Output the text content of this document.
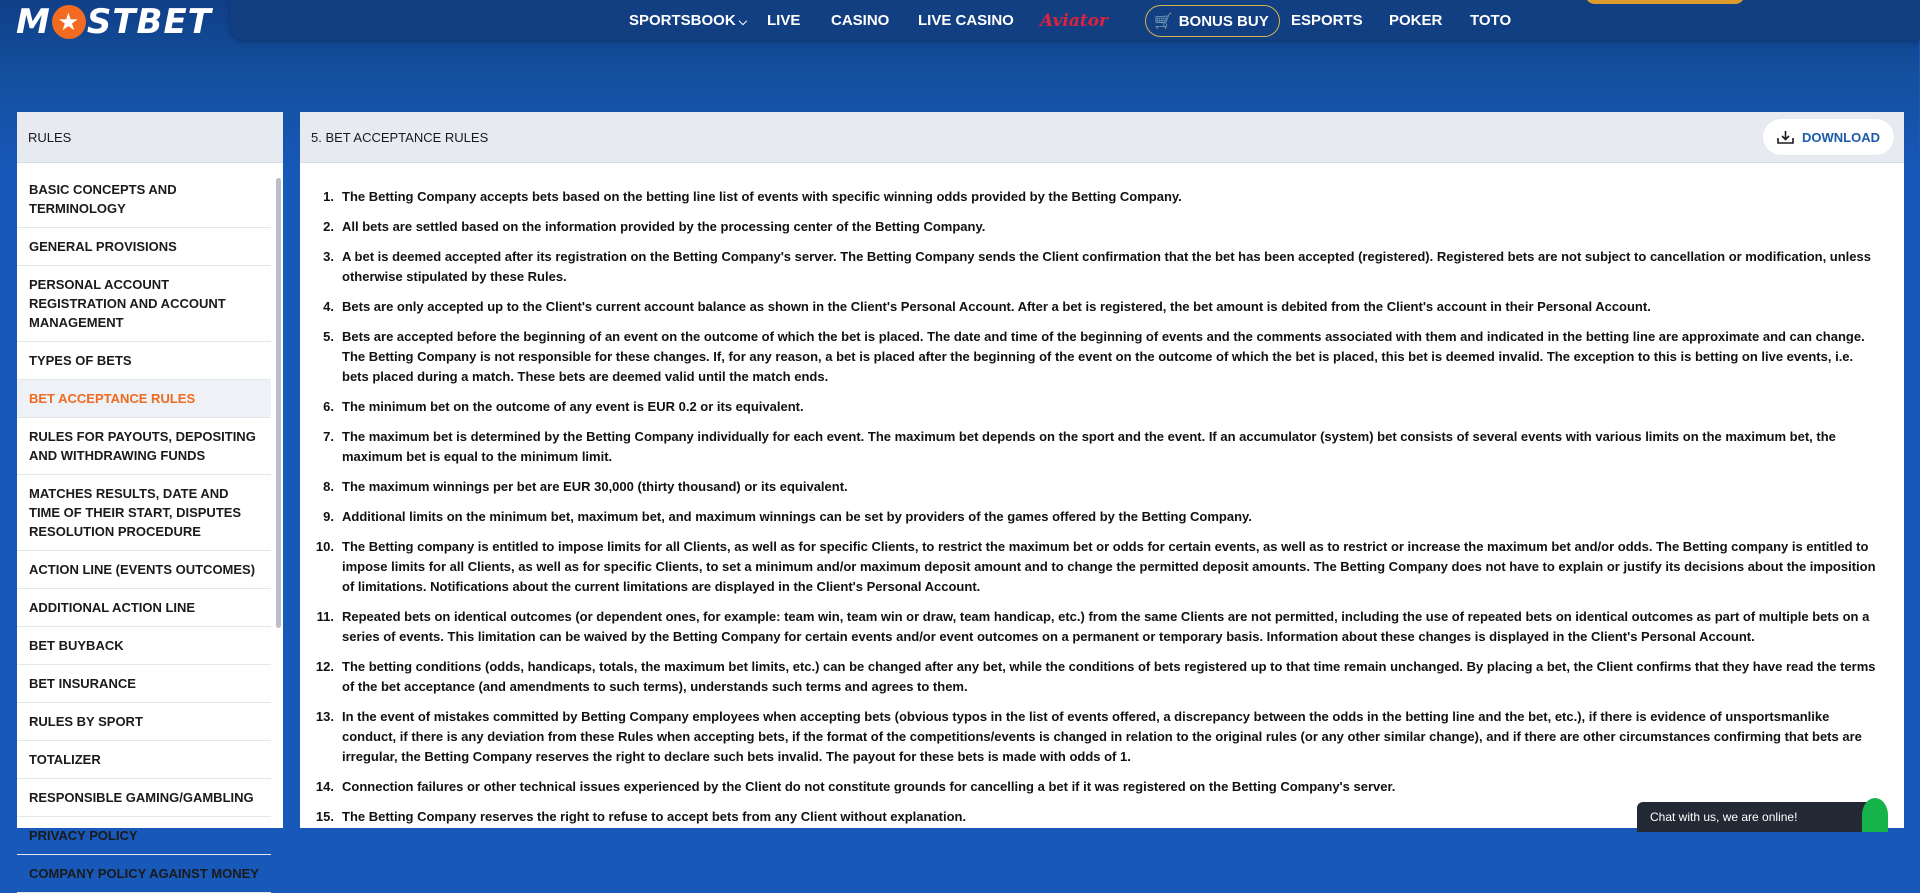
M ★ STBET	SPORTSBOOK ⌵ LIVE CASINO LIVE CASINO Aviator	🛒 BONUS BUY ESPORTS POKER TOTO
RULES
BASIC CONCEPTS AND TERMINOLOGY
GENERAL PROVISIONS
PERSONAL ACCOUNT REGISTRATION AND ACCOUNT MANAGEMENT
TYPES OF BETS
BET ACCEPTANCE RULES
RULES FOR PAYOUTS, DEPOSITING AND WITHDRAWING FUNDS
MATCHES RESULTS, DATE AND TIME OF THEIR START, DISPUTES RESOLUTION PROCEDURE
ACTION LINE (EVENTS OUTCOMES)
ADDITIONAL ACTION LINE
BET BUYBACK
BET INSURANCE
RULES BY SPORT
TOTALIZER
RESPONSIBLE GAMING/GAMBLING
PRIVACY POLICY
COMPANY POLICY AGAINST MONEY
5. BET ACCEPTANCE RULES	DOWNLOAD
1. The Betting Company accepts bets based on the betting line list of events with specific winning odds provided by the Betting Company.
2. All bets are settled based on the information provided by the processing center of the Betting Company.
3. A bet is deemed accepted after its registration on the Betting Company's server. The Betting Company sends the Client confirmation that the bet has been accepted (registered). Registered bets are not subject to cancellation or modification, unless otherwise stipulated by these Rules.
4. Bets are only accepted up to the Client's current account balance as shown in the Client's Personal Account. After a bet is registered, the bet amount is debited from the Client's account in their Personal Account.
5. Bets are accepted before the beginning of an event on the outcome of which the bet is placed. The date and time of the beginning of events and the comments associated with them and indicated in the betting line are approximate and can change. The Betting Company is not responsible for these changes. If, for any reason, a bet is placed after the beginning of the event on the outcome of which the bet is placed, this bet is deemed invalid. The exception to this is betting on live events, i.e. bets placed during a match. These bets are deemed valid until the match ends.
6. The minimum bet on the outcome of any event is EUR 0.2 or its equivalent.
7. The maximum bet is determined by the Betting Company individually for each event. The maximum bet depends on the sport and the event. If an accumulator (system) bet consists of several events with various limits on the maximum bet, the maximum bet is equal to the minimum limit.
8. The maximum winnings per bet are EUR 30,000 (thirty thousand) or its equivalent.
9. Additional limits on the minimum bet, maximum bet, and maximum winnings can be set by providers of the games offered by the Betting Company.
10. The Betting company is entitled to impose limits for all Clients, as well as for specific Clients, to restrict the maximum bet or odds for certain events, as well as to restrict or increase the maximum bet and/or odds. The Betting company is entitled to impose limits for all Clients, as well as for specific Clients, to set a minimum and/or maximum deposit amount and to change the permitted deposit amounts. The Betting Company does not have to explain or justify its decisions about the imposition of limitations. Notifications about the current limitations are displayed in the Client's Personal Account.
11. Repeated bets on identical outcomes (or dependent ones, for example: team win, team win or draw, team handicap, etc.) from the same Clients are not permitted, including the use of repeated bets on identical outcomes as part of multiple bets on a series of events. This limitation can be waived by the Betting Company for certain events and/or event outcomes on a permanent or temporary basis. Information about these changes is displayed in the Client's Personal Account.
12. The betting conditions (odds, handicaps, totals, the maximum bet limits, etc.) can be changed after any bet, while the conditions of bets registered up to that time remain unchanged. By placing a bet, the Client confirms that they have read the terms of the bet acceptance (and amendments to such terms), understands such terms and agrees to them.
13. In the event of mistakes committed by Betting Company employees when accepting bets (obvious typos in the list of events offered, a discrepancy between the odds in the betting line and the bet, etc.), if there is evidence of unsportsmanlike conduct, if there is any deviation from these Rules when accepting bets, if the format of the competitions/events is changed in relation to the original rules (or any other similar change), and if there are other circumstances confirming that bets are irregular, the Betting Company reserves the right to declare such bets invalid. The payout for these bets is made with odds of 1.
14. Connection failures or other technical issues experienced by the Client do not constitute grounds for cancelling a bet if it was registered on the Betting Company's server.
15. The Betting Company reserves the right to refuse to accept bets from any Client without explanation.	Chat with us, we are online!
